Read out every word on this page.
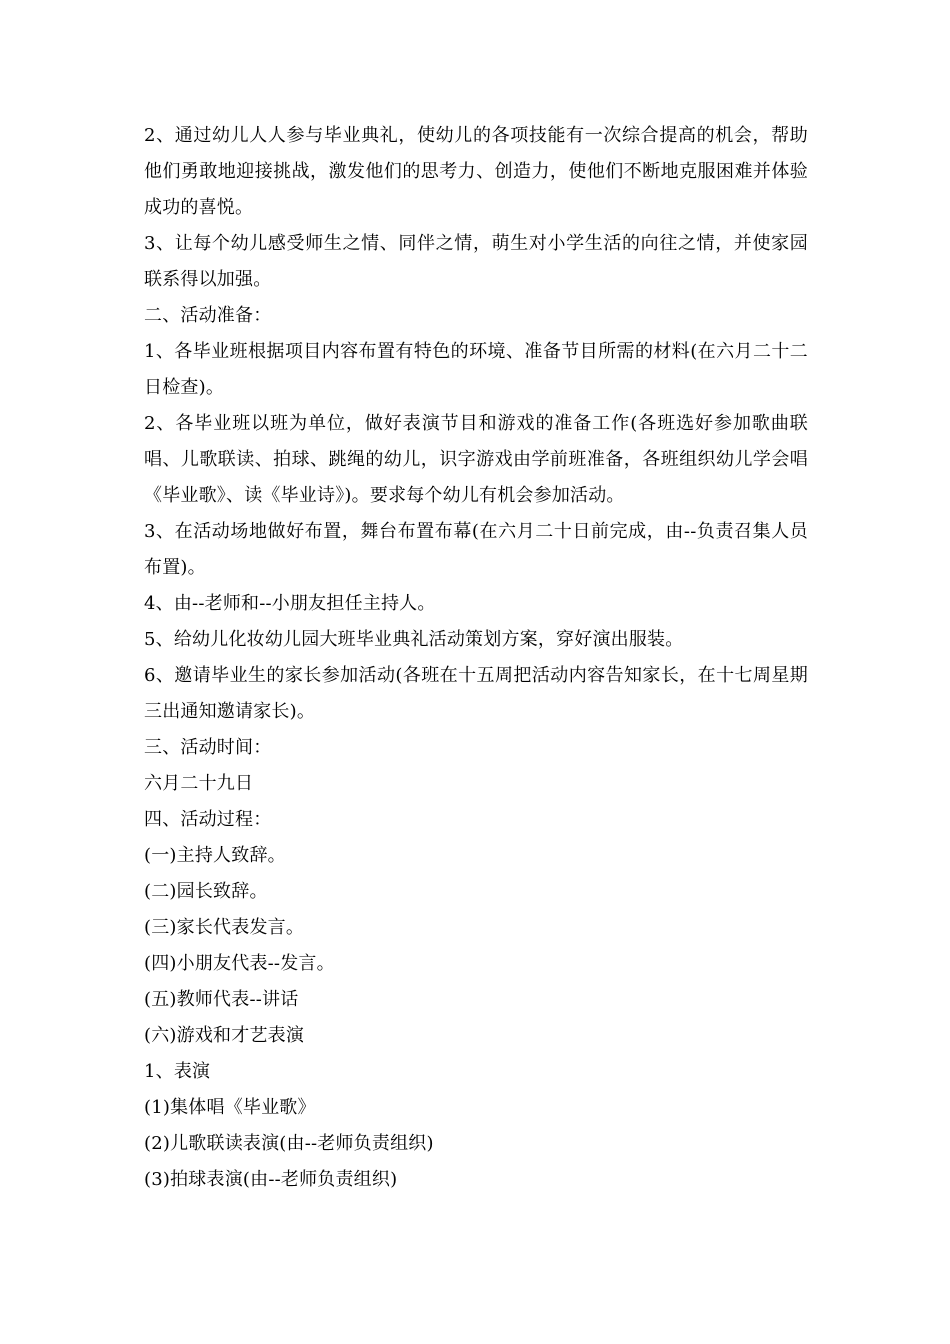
2、通过幼儿人人参与毕业典礼，使幼儿的各项技能有一次综合提高的机会，帮助他们勇敢地迎接挑战，激发他们的思考力、创造力，使他们不断地克服困难并体验成功的喜悦。

3、让每个幼儿感受师生之情、同伴之情，萌生对小学生活的向往之情，并使家园联系得以加强。

二、活动准备：

1、各毕业班根据项目内容布置有特色的环境、准备节目所需的材料(在六月二十二日检查)。

2、各毕业班以班为单位，做好表演节目和游戏的准备工作(各班选好参加歌曲联唱、儿歌联读、拍球、跳绳的幼儿，识字游戏由学前班准备，各班组织幼儿学会唱《毕业歌》、读《毕业诗》)。要求每个幼儿有机会参加活动。

3、在活动场地做好布置，舞台布置布幕(在六月二十日前完成，由--负责召集人员布置)。

4、由--老师和--小朋友担任主持人。

5、给幼儿化妆幼儿园大班毕业典礼活动策划方案，穿好演出服装。

6、邀请毕业生的家长参加活动(各班在十五周把活动内容告知家长，在十七周星期三出通知邀请家长)。

三、活动时间：

六月二十九日

四、活动过程：

(一)主持人致辞。

(二)园长致辞。

(三)家长代表发言。

(四)小朋友代表--发言。

(五)教师代表--讲话

(六)游戏和才艺表演

1、表演

(1)集体唱《毕业歌》

(2)儿歌联读表演(由--老师负责组织)

(3)拍球表演(由--老师负责组织)
